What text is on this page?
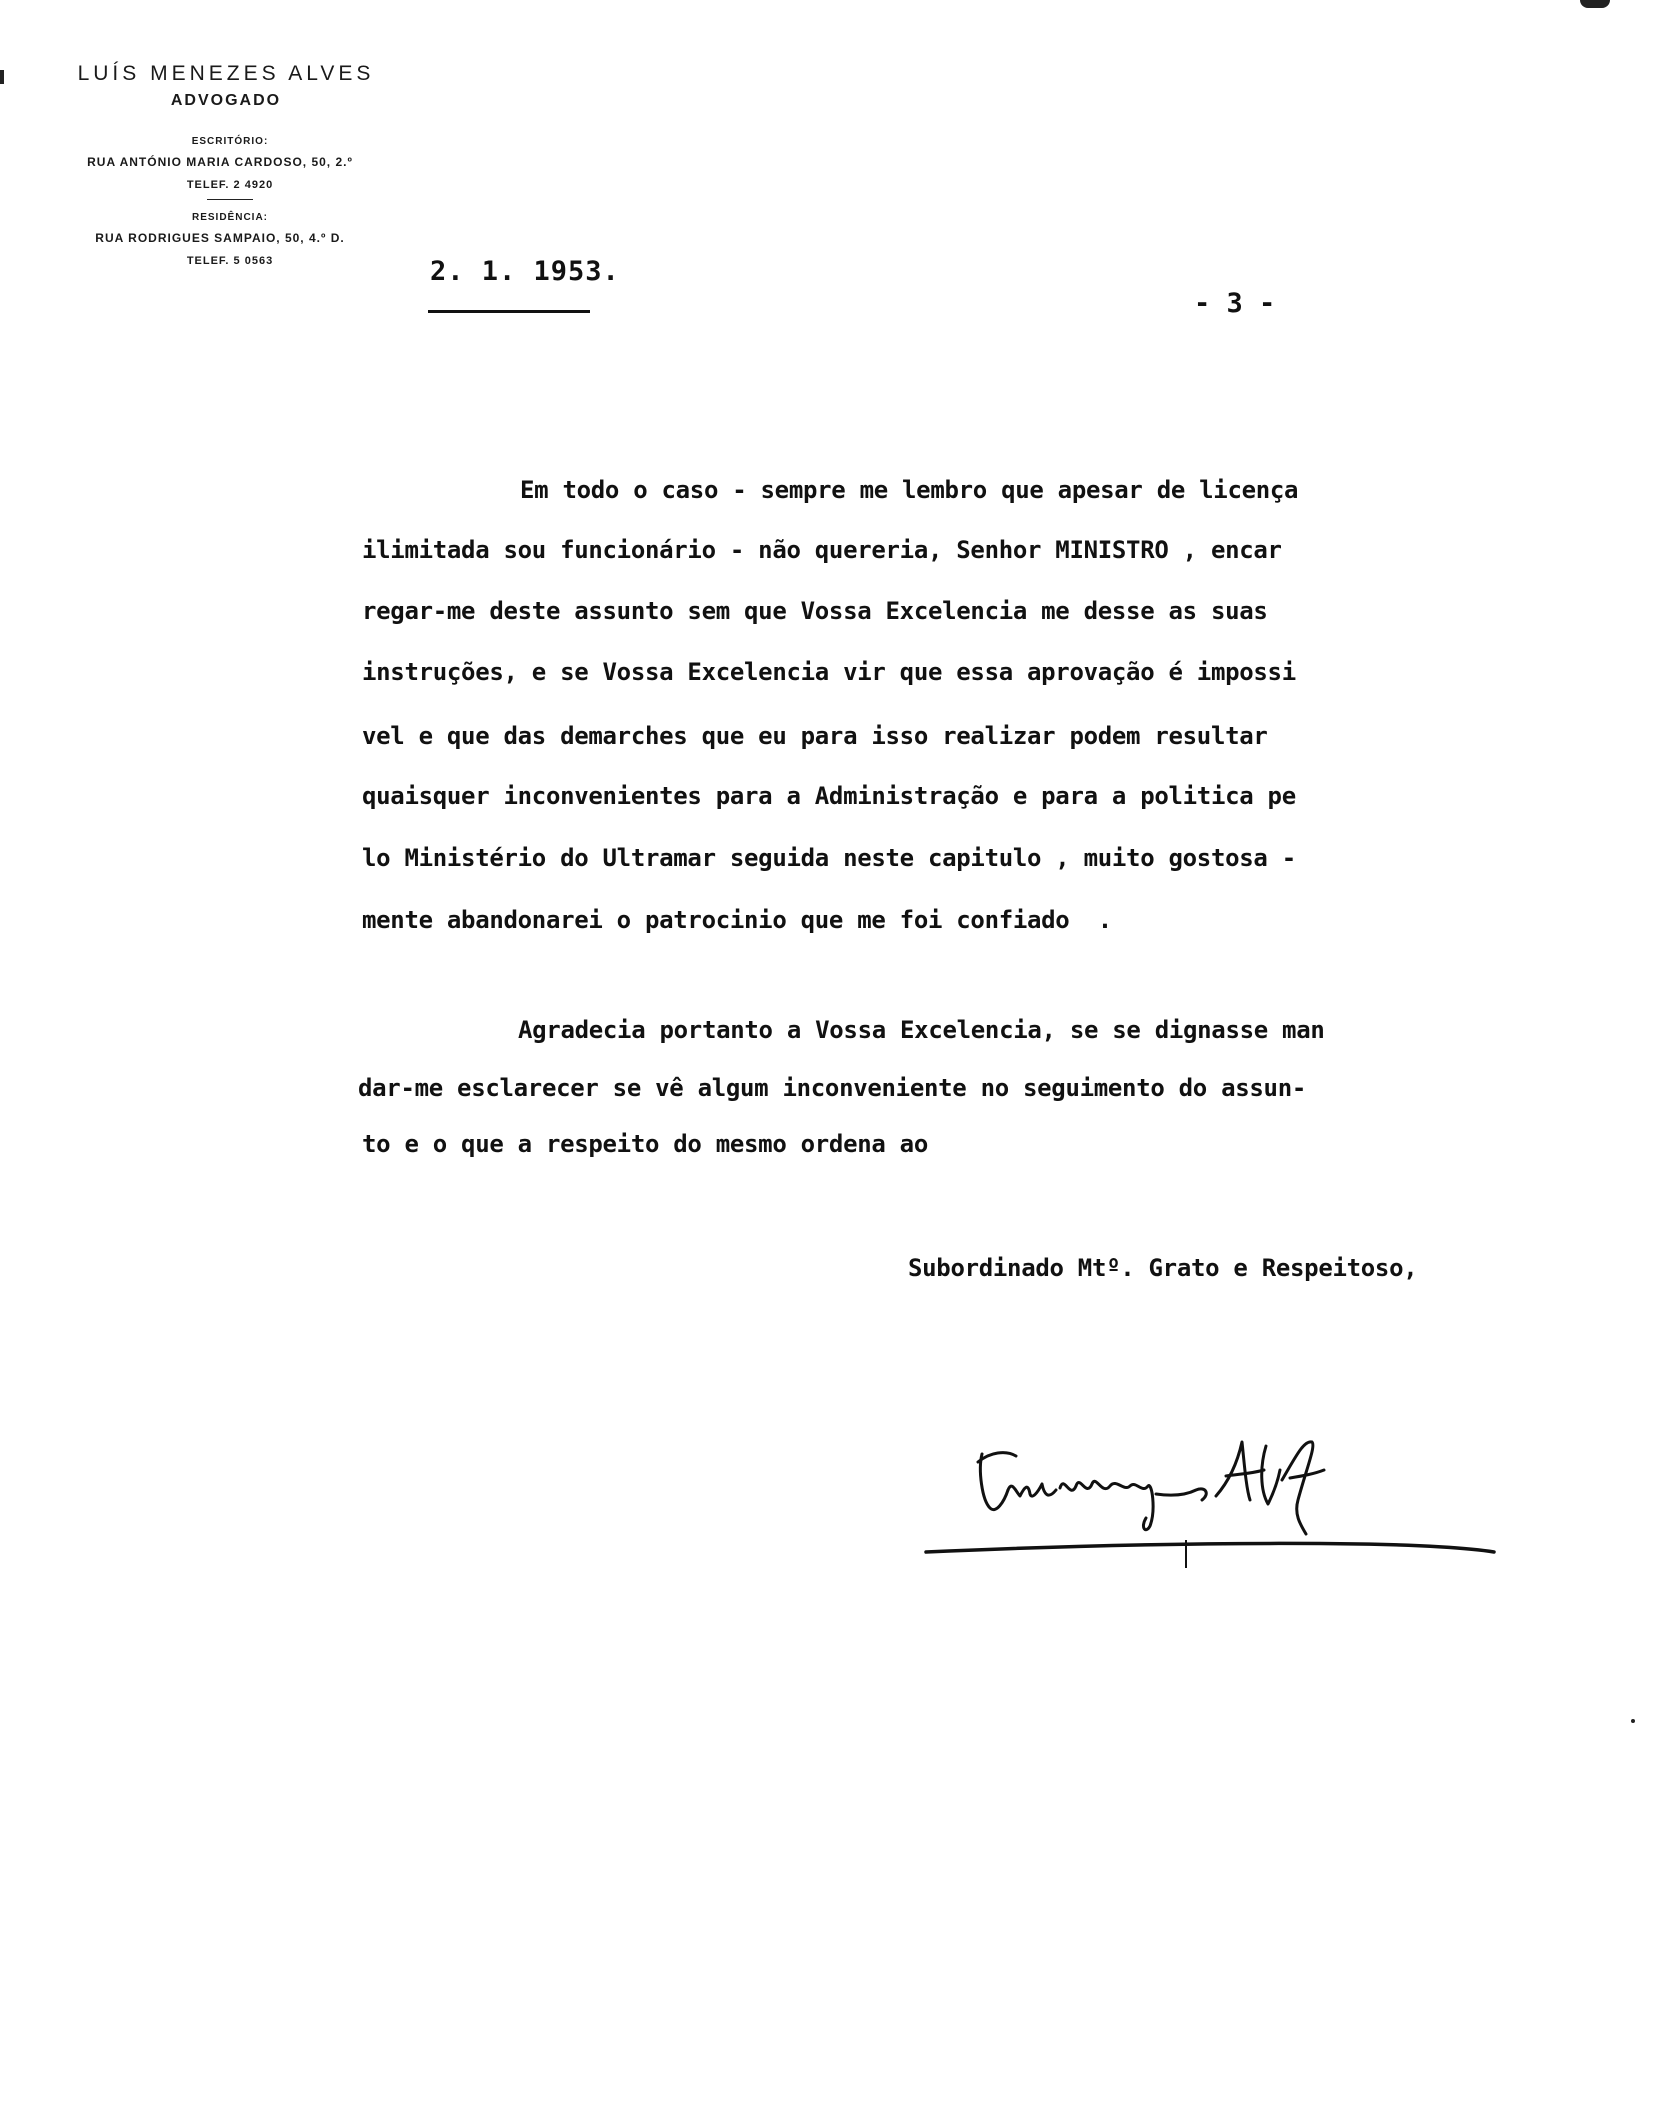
LUÍS MENEZES ALVES
ADVOGADO
ESCRITÓRIO:
RUA ANTÓNIO MARIA CARDOSO, 50, 2.º
TELEF. 2 4920
RESIDÊNCIA:
RUA RODRIGUES SAMPAIO, 50, 4.º D.
TELEF. 5 0563	2. 1. 1953.
- 3 -
Em todo o caso - sempre me lembro que apesar de licença
ilimitada sou funcionário - não quereria, Senhor MINISTRO , encar
regar-me deste assunto sem que Vossa Excelencia me desse as suas
instruções, e se Vossa Excelencia vir que essa aprovação é impossi
vel e que das demarches que eu para isso realizar podem resultar
quaisquer inconvenientes para a Administração e para a politica pe
lo Ministério do Ultramar seguida neste capitulo , muito gostosa -
mente abandonarei o patrocinio que me foi confiado  .
Agradecia portanto a Vossa Excelencia, se se dignasse man
dar-me esclarecer se vê algum inconveniente no seguimento do assun-
to e o que a respeito do mesmo ordena ao
Subordinado Mtº. Grato e Respeitoso,
Luís Menezes Alves
